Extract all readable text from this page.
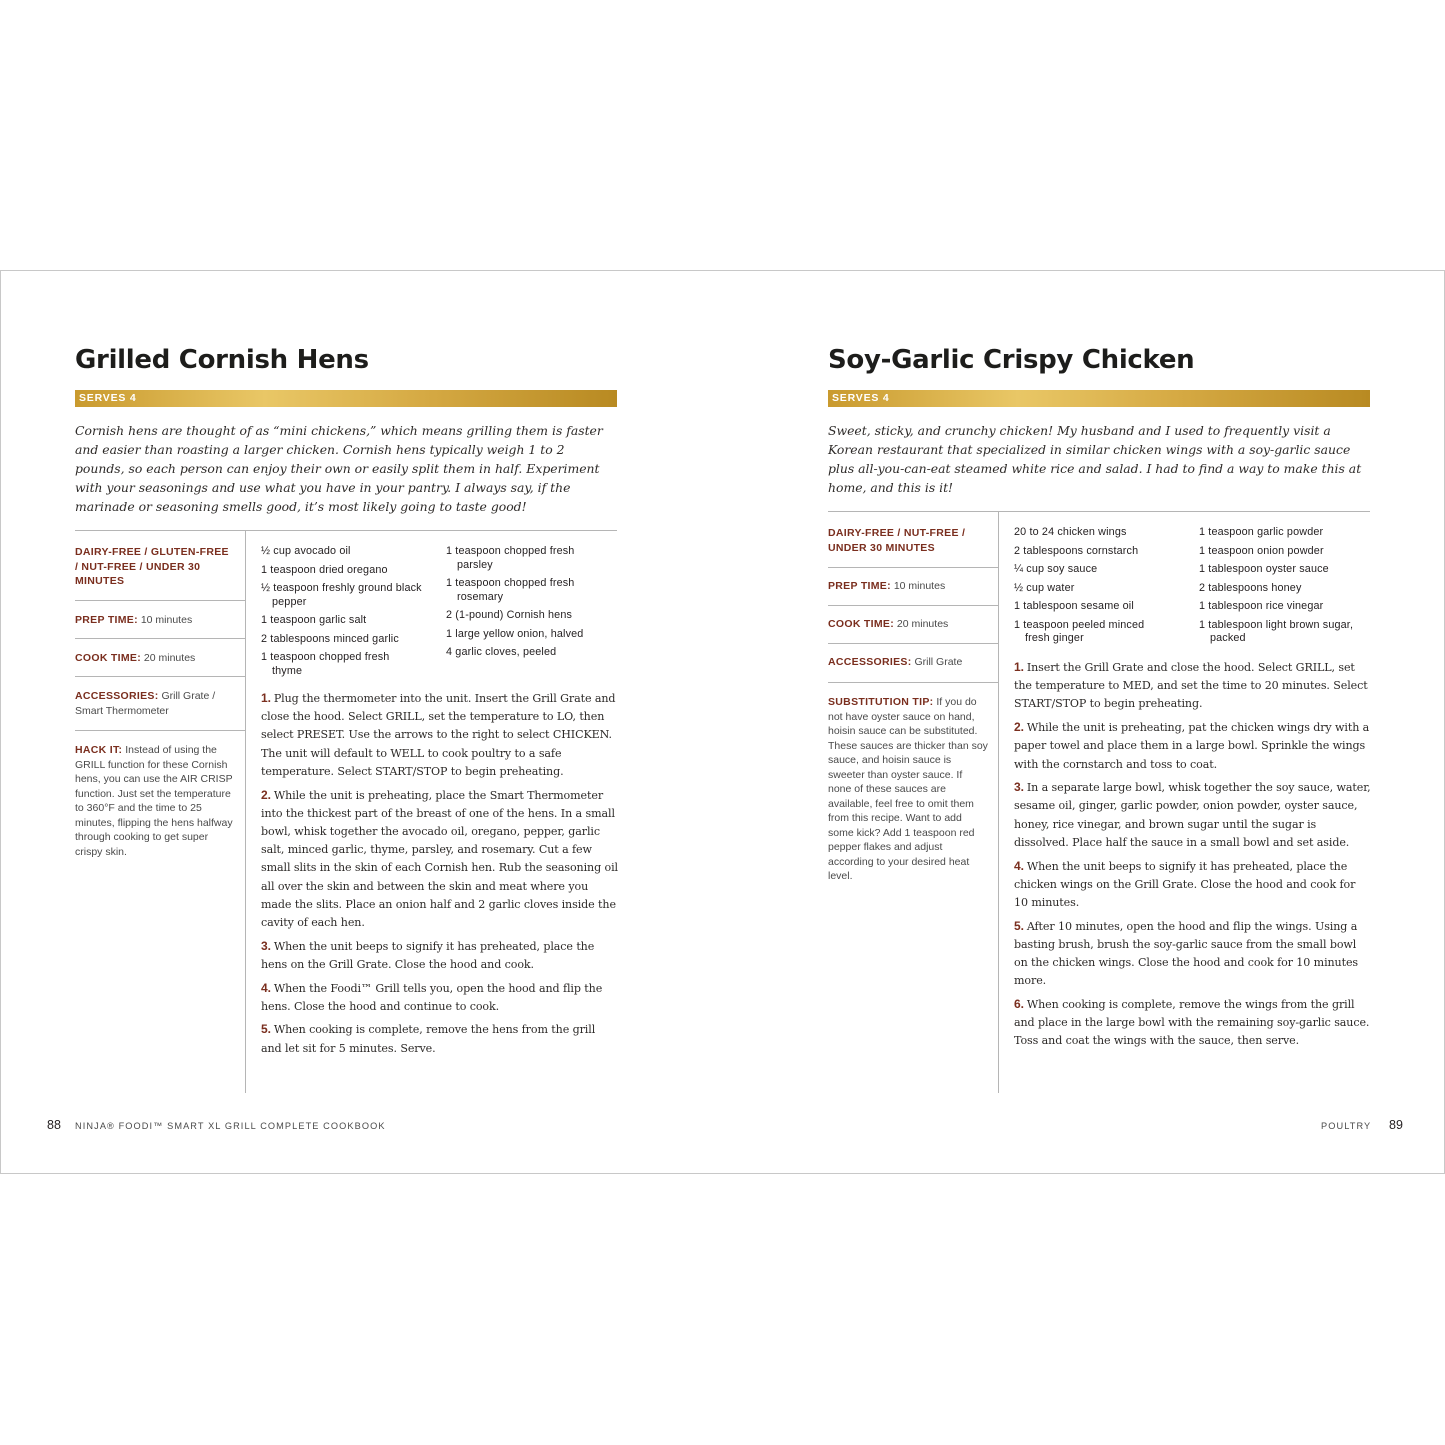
Grilled Cornish Hens
SERVES 4

Cornish hens are thought of as “mini chickens,” which means grilling them is faster and easier than roasting a larger chicken. Cornish hens typically weigh 1 to 2 pounds, so each person can enjoy their own or easily split them in half. Experiment with your seasonings and use what you have in your pantry. I always say, if the marinade or seasoning smells good, it’s most likely going to taste good!

DAIRY-FREE / GLUTEN-FREE / NUT-FREE / UNDER 30 MINUTES
PREP TIME: 10 minutes
COOK TIME: 20 minutes
ACCESSORIES: Grill Grate / Smart Thermometer
HACK IT: Instead of using the GRILL function for these Cornish hens, you can use the AIR CRISP function. Just set the temperature to 360°F and the time to 25 minutes, flipping the hens halfway through cooking to get super crispy skin.
½ cup avocado oil
1 teaspoon dried oregano
½ teaspoon freshly ground black pepper
1 teaspoon garlic salt
2 tablespoons minced garlic
1 teaspoon chopped fresh thyme
1 teaspoon chopped fresh parsley
1 teaspoon chopped fresh rosemary
2 (1-pound) Cornish hens
1 large yellow onion, halved
4 garlic cloves, peeled
1. Plug the thermometer into the unit. Insert the Grill Grate and close the hood. Select GRILL, set the temperature to LO, then select PRESET. Use the arrows to the right to select CHICKEN. The unit will default to WELL to cook poultry to a safe temperature. Select START/STOP to begin preheating.
2. While the unit is preheating, place the Smart Thermometer into the thickest part of the breast of one of the hens. In a small bowl, whisk together the avocado oil, oregano, pepper, garlic salt, minced garlic, thyme, parsley, and rosemary. Cut a few small slits in the skin of each Cornish hen. Rub the seasoning oil all over the skin and between the skin and meat where you made the slits. Place an onion half and 2 garlic cloves inside the cavity of each hen.
3. When the unit beeps to signify it has preheated, place the hens on the Grill Grate. Close the hood and cook.
4. When the Foodi™ Grill tells you, open the hood and flip the hens. Close the hood and continue to cook.
5. When cooking is complete, remove the hens from the grill and let sit for 5 minutes. Serve.
88 NINJA® FOODI™ SMART XL GRILL COMPLETE COOKBOOK
Soy-Garlic Crispy Chicken
SERVES 4

Sweet, sticky, and crunchy chicken! My husband and I used to frequently visit a Korean restaurant that specialized in similar chicken wings with a soy-garlic sauce plus all-you-can-eat steamed white rice and salad. I had to find a way to make this at home, and this is it!

DAIRY-FREE / NUT-FREE / UNDER 30 MINUTES
PREP TIME: 10 minutes
COOK TIME: 20 minutes
ACCESSORIES: Grill Grate
SUBSTITUTION TIP: If you do not have oyster sauce on hand, hoisin sauce can be substituted. These sauces are thicker than soy sauce, and hoisin sauce is sweeter than oyster sauce. If none of these sauces are available, feel free to omit them from this recipe. Want to add some kick? Add 1 teaspoon red pepper flakes and adjust according to your desired heat level.
20 to 24 chicken wings
2 tablespoons cornstarch
¼ cup soy sauce
½ cup water
1 tablespoon sesame oil
1 teaspoon peeled minced fresh ginger
1 teaspoon garlic powder
1 teaspoon onion powder
1 tablespoon oyster sauce
2 tablespoons honey
1 tablespoon rice vinegar
1 tablespoon light brown sugar, packed
1. Insert the Grill Grate and close the hood. Select GRILL, set the temperature to MED, and set the time to 20 minutes. Select START/STOP to begin preheating.
2. While the unit is preheating, pat the chicken wings dry with a paper towel and place them in a large bowl. Sprinkle the wings with the cornstarch and toss to coat.
3. In a separate large bowl, whisk together the soy sauce, water, sesame oil, ginger, garlic powder, onion powder, oyster sauce, honey, rice vinegar, and brown sugar until the sugar is dissolved. Place half the sauce in a small bowl and set aside.
4. When the unit beeps to signify it has preheated, place the chicken wings on the Grill Grate. Close the hood and cook for 10 minutes.
5. After 10 minutes, open the hood and flip the wings. Using a basting brush, brush the soy-garlic sauce from the small bowl on the chicken wings. Close the hood and cook for 10 minutes more.
6. When cooking is complete, remove the wings from the grill and place in the large bowl with the remaining soy-garlic sauce. Toss and coat the wings with the sauce, then serve.
POULTRY 89
